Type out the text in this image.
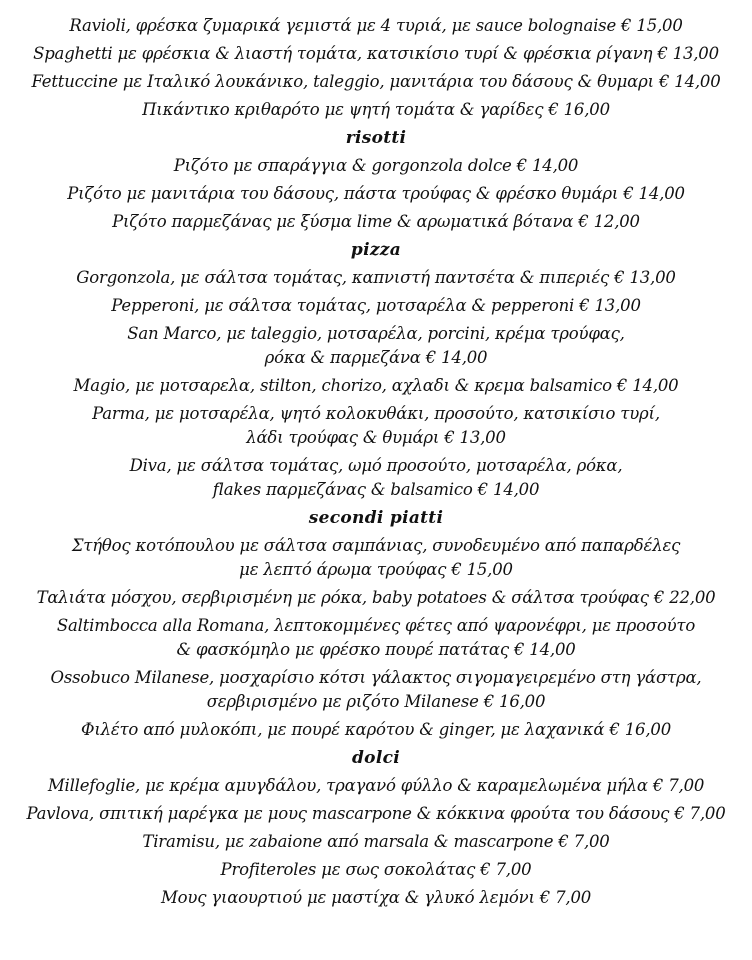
Ravioli, φρέσκα ζυμαρικά γεμιστά με 4 τυριά, με sauce bolognaise € 15,00
Spaghetti με φρέσκια & λιαστή τομάτα, κατσικίσιο τυρί & φρέσκια ρίγανη € 13,00
Fettuccine με Ιταλικό λουκάνικο, taleggio, μανιτάρια του δάσους & θυμαρι € 14,00
Πικάντικο κριθαρότο με ψητή τομάτα & γαρίδες € 16,00
risotti
Ριζότο με σπαράγγια & gorgonzola dolce € 14,00
Ριζότο με μανιτάρια του δάσους, πάστα τρούφας & φρέσκο θυμάρι € 14,00
Ριζότο παρμεζάνας με ξύσμα lime & αρωματικά βότανα € 12,00
pizza
Gorgonzola, με σάλτσα τομάτας, καπνιστή παντσέτα & πιπεριές € 13,00
Pepperoni, με σάλτσα τομάτας, μοτσαρέλα & pepperoni € 13,00
San Marco, με taleggio, μοτσαρέλα, porcini, κρέμα τρούφας,
ρόκα & παρμεζάνα € 14,00
Magio, με μοτσαρελα, stilton, chorizo, αχλαδι & κρεμα balsamico € 14,00
Parma, με μοτσαρέλα, ψητό κολοκυθάκι, προσούτο, κατσικίσιο τυρί,
λάδι τρούφας & θυμάρι € 13,00
Diva, με σάλτσα τομάτας, ωμό προσούτο, μοτσαρέλα, ρόκα,
flakes παρμεζάνας & balsamico € 14,00
secondi piatti
Στήθος κοτόπουλου με σάλτσα σαμπάνιας, συνοδευμένο από παπαρδέλες
με λεπτό άρωμα τρούφας € 15,00
Ταλιάτα μόσχου, σερβιρισμένη με ρόκα, baby potatoes & σάλτσα τρούφας € 22,00
Saltimbocca alla Romana, λεπτοκομμένες φέτες από ψαρονέφρι, με προσούτο
& φασκόμηλο με φρέσκο πουρέ πατάτας € 14,00
Ossobuco Milanese, μοσχαρίσιο κότσι γάλακτος σιγομαγειρεμένο στη γάστρα,
σερβιρισμένο με ριζότο Milanese € 16,00
Φιλέτο από μυλοκόπι, με πουρέ καρότου & ginger, με λαχανικά € 16,00
dolci
Millefoglie, με κρέμα αμυγδάλου, τραγανό φύλλο & καραμελωμένα μήλα € 7,00
Pavlova, σπιτική μαρέγκα με μους mascarpone & κόκκινα φρούτα του δάσους € 7,00
Tiramisu, με zabaione από marsala & mascarpone € 7,00
Profiteroles με σως σοκολάτας € 7,00
Μους γιαουρτιού με μαστίχα & γλυκό λεμόνι € 7,00
